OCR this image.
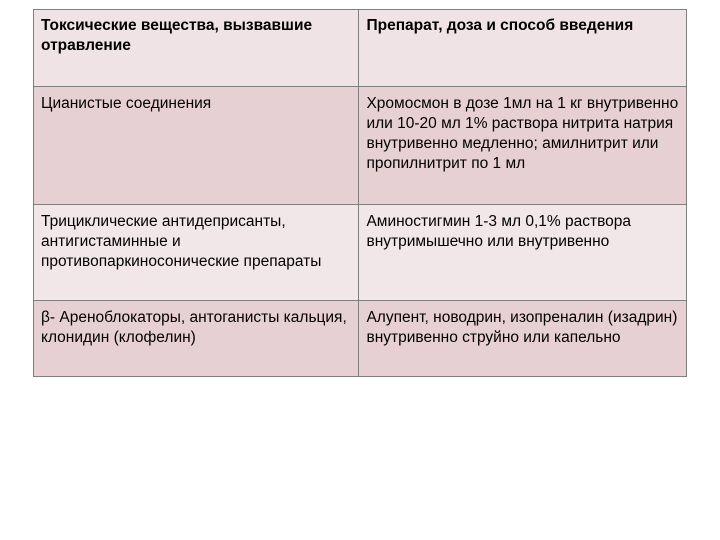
Токсические вещества, вызвавшие отравление	Препарат, доза и способ введения
Цианистые соединения	Хромосмон в дозе 1мл на 1 кг внутривенно или 10-20 мл 1% раствора нитрита натрия внутривенно медленно; амилнитрит или пропилнитрит по 1 мл
Трициклические антидеприсанты, антигистаминные и противопаркиносонические препараты	Аминостигмин 1-3 мл 0,1% раствора внутримышечно или внутривенно
β- Ареноблокаторы, антоганисты кальция, клонидин (клофелин)	Алупент, новодрин, изопреналин (изадрин) внутривенно струйно или капельно
